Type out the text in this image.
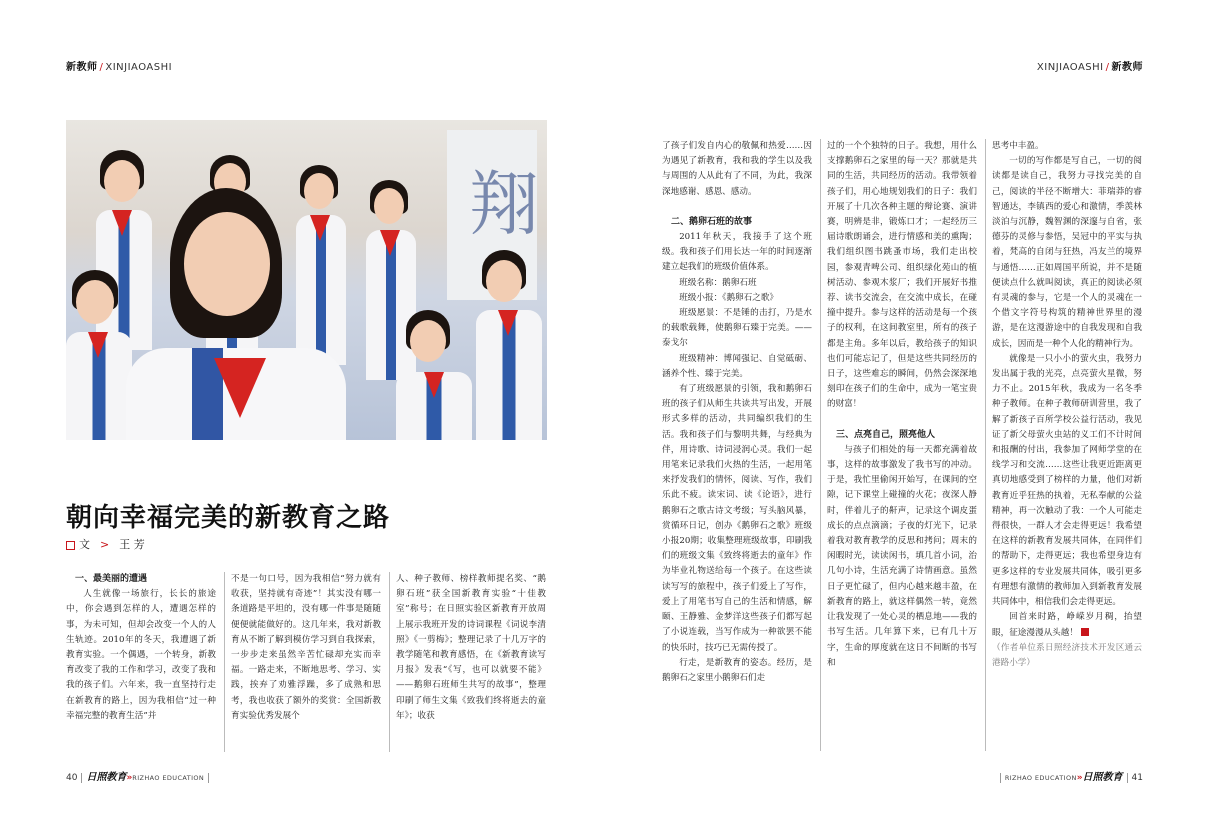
新教师 / XINJIAOASHI	XINJIAOASHI / 新教师
翔
朝向幸福完美的新教育之路
文 > 王 芳
一、最美丽的遭遇

人生就像一场旅行，长长的旅途中，你会遇到怎样的人，遭遇怎样的事，为未可知，但却会改变一个人的人生轨迹。2010年的冬天，我遭遇了新教育实验。一个偶遇，一个转身，新教育改变了我的工作和学习，改变了我和我的孩子们。六年来，我一直坚持行走在新教育的路上，因为我相信“过一种幸福完整的教育生活”并

不是一句口号，因为我相信“努力就有收获，坚持就有奇迹”！其实没有哪一条道路是平坦的，没有哪一件事是随随便便就能做好的。这几年来，我对新教育从不断了解到模仿学习到自我探索，一步步走来虽然辛苦忙碌却充实而幸福。一路走来，不断地思考、学习、实践，挨弃了劝雅浮躁，多了成熟和思考，我也收获了额外的奖赏：全国新教育实验优秀发展个

人、种子教师、榜样教师提名奖、“鹅卵石班”获全国新教育实验“十佳教室”称号；在日照实验区新教育开放周上展示我班开发的诗词课程《词说李清照》《一剪梅》；整理记录了十几万字的教学随笔和教育感悟，在《新教育读写月报》发表“《写，也可以就要不能》——鹅卵石班师生共写的故事”，整理印刷了师生文集《致我们终将逝去的童年》；收获

了孩子们发自内心的敬佩和热爱……因为遇见了新教育，我和我的学生以及我与周围的人从此有了不同，为此，我深深地感谢、感恩、感动。

二、鹅卵石班的故事

2011年秋天，我接手了这个班级。我和孩子们用长达一年的时间逐渐建立起我们的班级价值体系。

班级名称：鹅卵石班

班级小报：《鹅卵石之歌》

班级愿景：不是锤的击打，乃是水的载歌载舞，使鹅卵石臻于完美。——泰戈尔

班级精神：博闻强记、自觉砥砺、涵养个性、臻于完美。

有了班级愿景的引领，我和鹅卵石班的孩子们从师生共读共写出发，开展形式多样的活动，共同编织我们的生活。我和孩子们与黎明共舞，与经典为伴，用诗歌、诗词浸润心灵。我们一起用笔来记录我们火热的生活，一起用笔来抒发我们的情怀，阅读、写作，我们乐此不疲。读宋词、读《论语》，进行鹅卵石之歌古诗文考级；写头脑风暴，赏循环日记，创办《鹅卵石之歌》班级小报20期；收集整理班级故事，印刷我们的班级文集《致终将逝去的童年》作为毕业礼物送给每一个孩子。在这些读读写写的旅程中，孩子们爱上了写作，爱上了用笔书写自己的生活和情感，解颐、王静雅、金梦洋这些孩子们都写起了小说连载，当写作成为一种欲罢不能的快乐时，技巧已无需传授了。

行走，是新教育的姿态。经历，是鹅卵石之家里小鹅卵石们走

过的一个个独特的日子。我想，用什么支撑鹅卵石之家里的每一天？那就是共同的生活，共同经历的活动。我带领着孩子们，用心地规划我们的日子：我们开展了十几次各种主题的辩论赛、演讲赛，明辨是非，锻炼口才；一起经历三届诗歌朗诵会，进行情感和美的熏陶；我们组织图书跳蚤市场，我们走出校园，参观青啤公司、组织绿化苑山的植树活动、参观木浆厂；我们开展好书推荐、读书交流会，在交流中成长，在碰撞中提升。参与这样的活动是每一个孩子的权利，在这间教室里，所有的孩子都是主角。多年以后，教给孩子的知识也们可能忘记了，但是这些共同经历的日子，这些难忘的瞬间，仍然会深深地刻印在孩子们的生命中，成为一笔宝贵的财富！

三、点亮自己，照亮他人

与孩子们相处的每一天都充满着故事，这样的故事激发了我书写的冲动。于是，我忙里偷闲开始写，在课间的空隙，记下课堂上碰撞的火花；夜深人静时，伴着儿子的鼾声，记录这个调皮蛋成长的点点滴滴；子夜的灯光下，记录着我对教育教学的反思和拷问；周末的闲暇时光，读读闲书，填几首小词，治几句小诗，生活充满了诗情画意。虽然日子更忙碌了，但内心越来越丰盈，在新教育的路上，就这样偶然一转，竟然让我发现了一处心灵的栖息地——我的书写生活。几年算下来，已有几十万字，生命的厚度就在这日不间断的书写和

思考中丰盈。

一切的写作都是写自己，一切的阅读都是读自己，我努力寻找完美的自己，阅读的半径不断增大：菲瑞莽的睿智通达，李镇西的爱心和激情，季羡林淡泊与沉静，魏智渊的深邃与自省，张德芬的灵修与参悟，吴冠中的平实与执着，梵高的自闭与狂热，冯友兰的境界与通悟……正如周国平所说，并不是随便读点什么就叫阅读，真正的阅读必须有灵魂的参与，它是一个人的灵魂在一个借文字符号构筑的精神世界里的漫游，是在这漫游途中的自我发现和自我成长，因而是一种个人化的精神行为。

就像是一只小小的萤火虫，我努力发出属于我的光亮，点亮萤火星微，努力不止。2015年秋，我成为一名冬季种子教师。在种子教师研训营里，我了解了新孩子百所学校公益行活动，我见证了新父母萤火虫站的义工们不计时间和报酬的付出，我参加了网师学堂的在线学习和交流……这些让我更近距离更真切地感受到了榜样的力量，他们对新教育近乎狂热的执着，无私奉献的公益精神，再一次触动了我：一个人可能走得很快，一群人才会走得更远！我希望在这样的新教育发展共同体，在同伴们的帮助下，走得更远；我也希望身边有更多这样的专业发展共同体，吸引更多有理想有激情的教师加入到新教育发展共同体中，相信我们会走得更远。

回首来时路，峥嵘岁月稠，抬望眼，征途漫漫从头越！

（作者单位系日照经济技术开发区通云港路小学）

40 日照教育»RIZHAO EDUCATION	RIZHAO EDUCATION»日照教育 41
